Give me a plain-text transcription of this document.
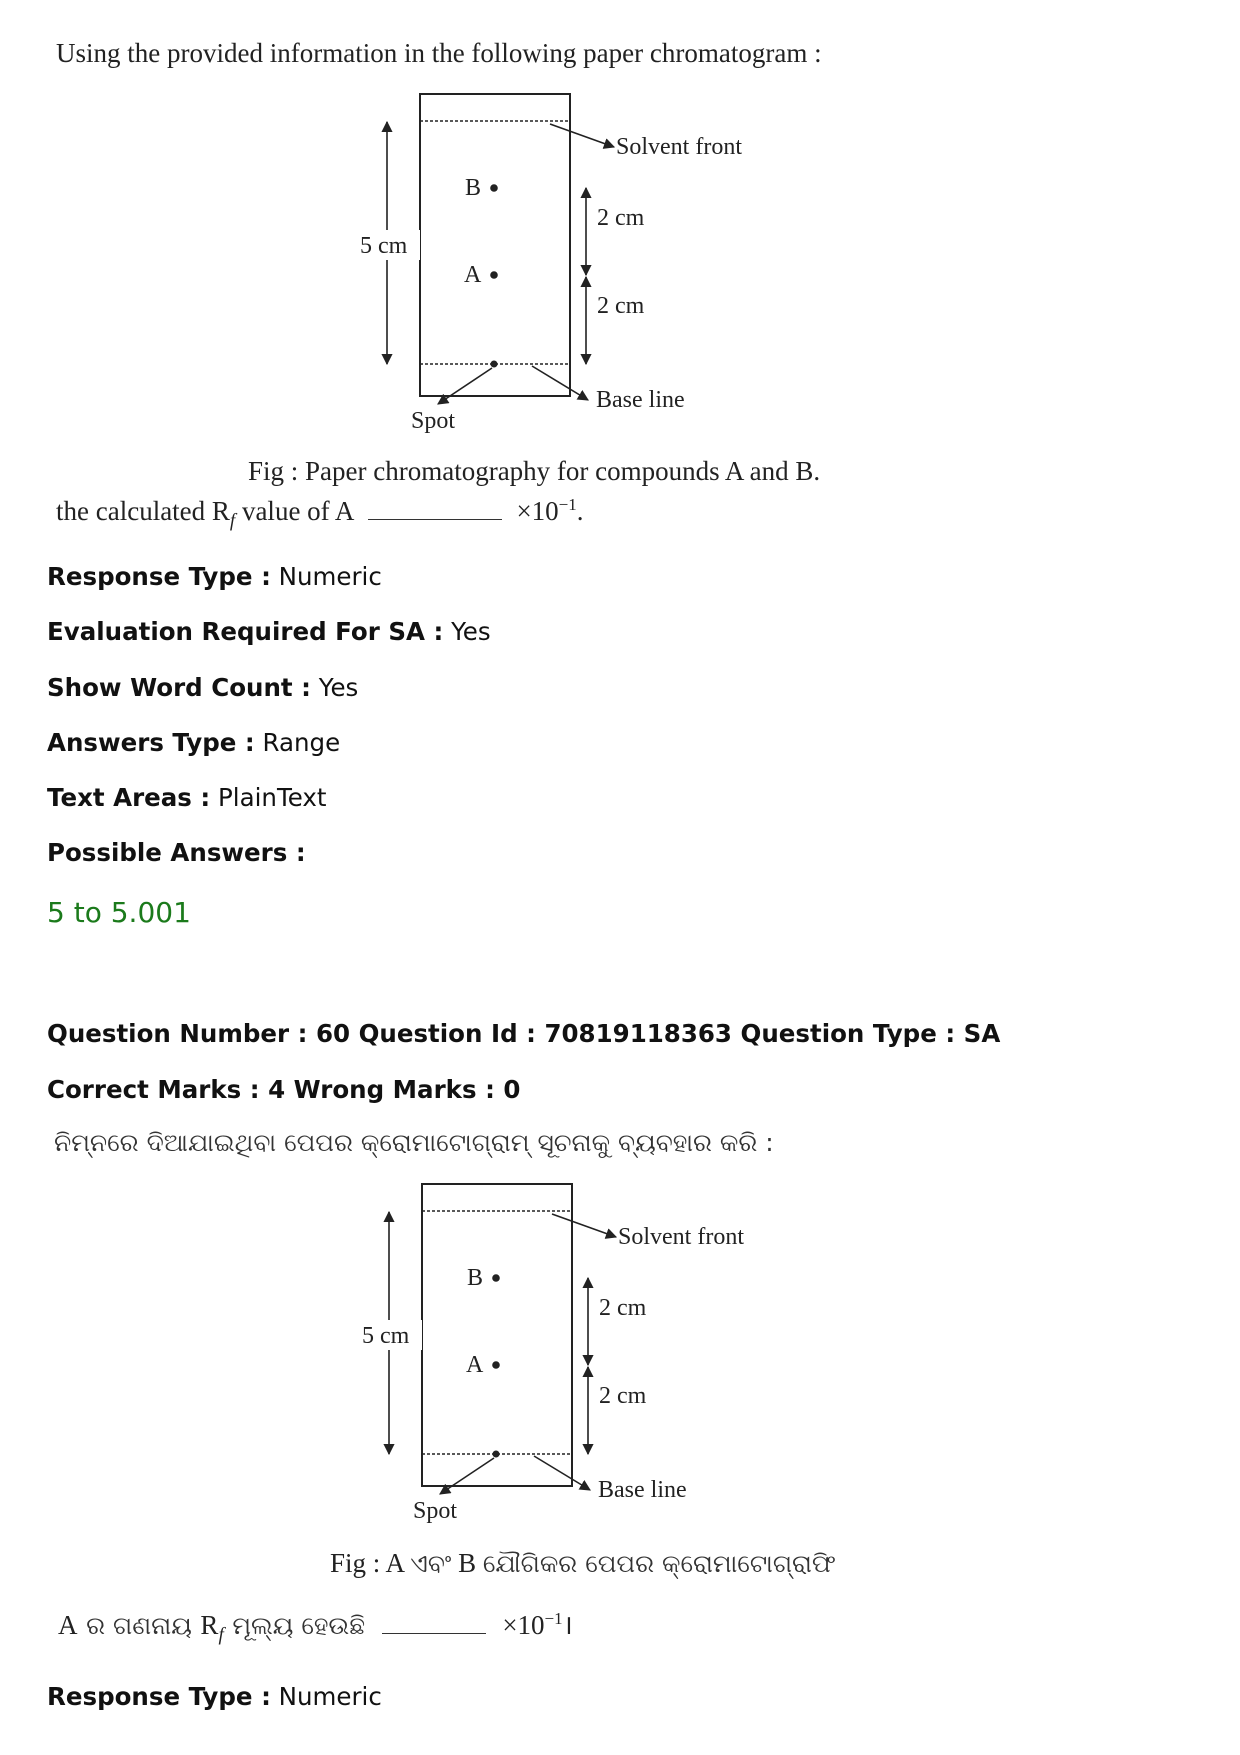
Using the provided information in the following paper chromatogram :
B
A
5 cm
2 cm
2 cm
Solvent front
Base line
Spot
Fig : Paper chromatography for compounds A and B.
the calculated $R_f$ value of A	$\times 10^{-1}$.
Response Type : Numeric
Evaluation Required For SA : Yes
Show Word Count : Yes
Answers Type : Range
Text Areas : PlainText
Possible Answers :
5 to 5.001
Question Number : 60 Question Id : 70819118363 Question Type : SA
Correct Marks : 4 Wrong Marks : 0
ନିମ୍ନରେ ଦିଆଯାଇଥିବା ପେପର କ୍ରୋମାଟୋଗ୍ରାମ୍ ସୂଚନାକୁ ବ୍ୟବହାର କରି :
B
A
5 cm
2 cm
2 cm
Solvent front
Base line
Spot
Fig : A ଏବଂ B ଯୌଗିକର ପେପର କ୍ରୋମାଟୋଗ୍ରାଫି
A ର ଗଣନାୟ $R_f$ ମୂଲ୍ୟ ହେଉଛି	$\times 10^{-1}।$
Response Type : Numeric
